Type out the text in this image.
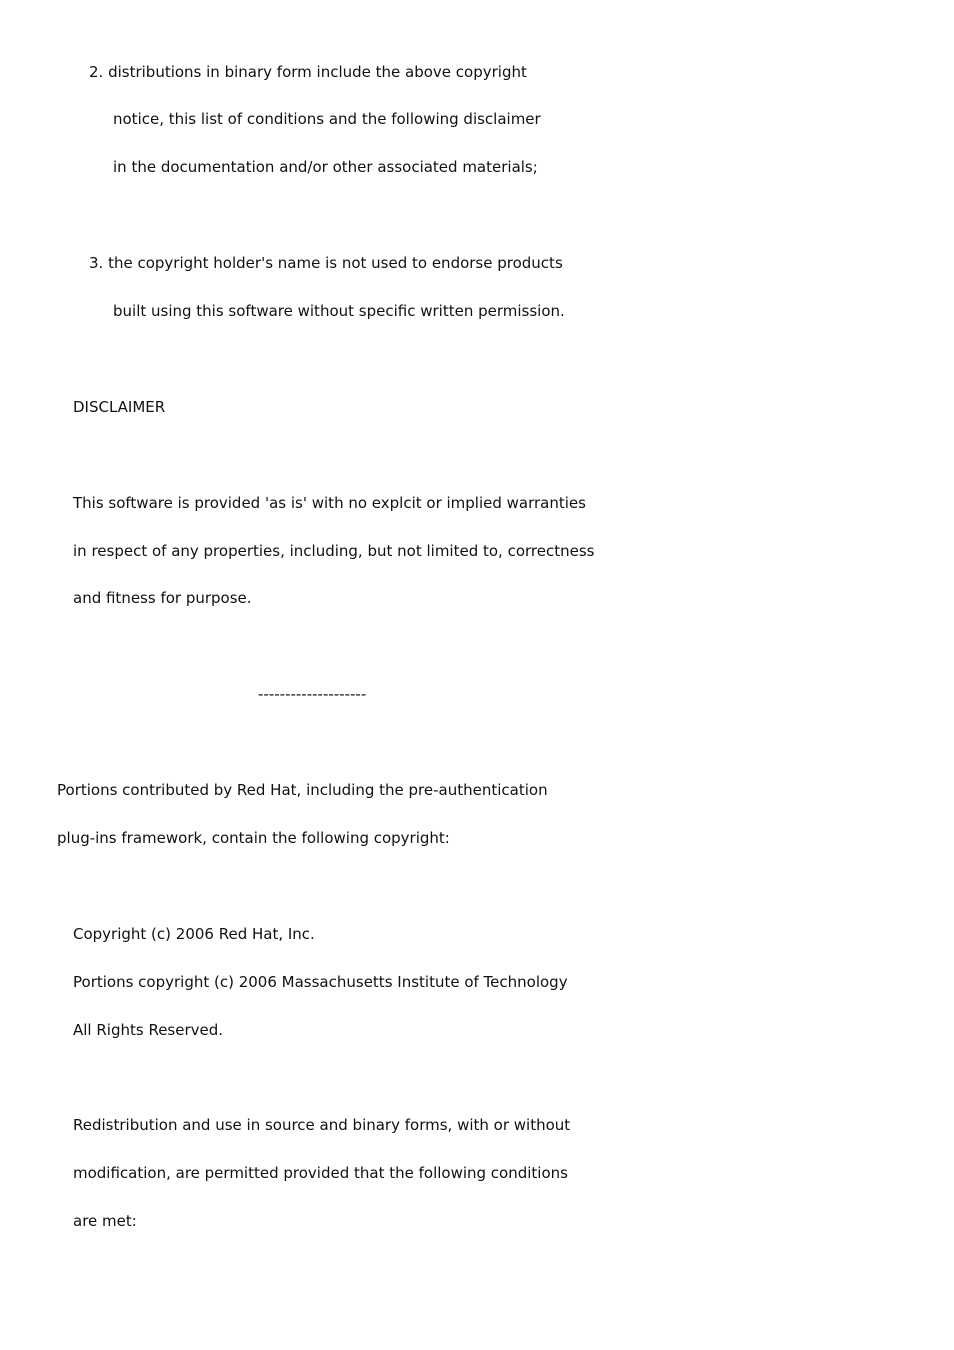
2. distributions in binary form include the above copyright
notice, this list of conditions and the following disclaimer
in the documentation and/or other associated materials;
3. the copyright holder's name is not used to endorse products
built using this software without specific written permission.
DISCLAIMER
This software is provided 'as is' with no explcit or implied warranties
in respect of any properties, including, but not limited to, correctness
and fitness for purpose.
--------------------
Portions contributed by Red Hat, including the pre-authentication
plug-ins framework, contain the following copyright:
Copyright (c) 2006 Red Hat, Inc.
Portions copyright (c) 2006 Massachusetts Institute of Technology
All Rights Reserved.
Redistribution and use in source and binary forms, with or without
modification, are permitted provided that the following conditions
are met:
